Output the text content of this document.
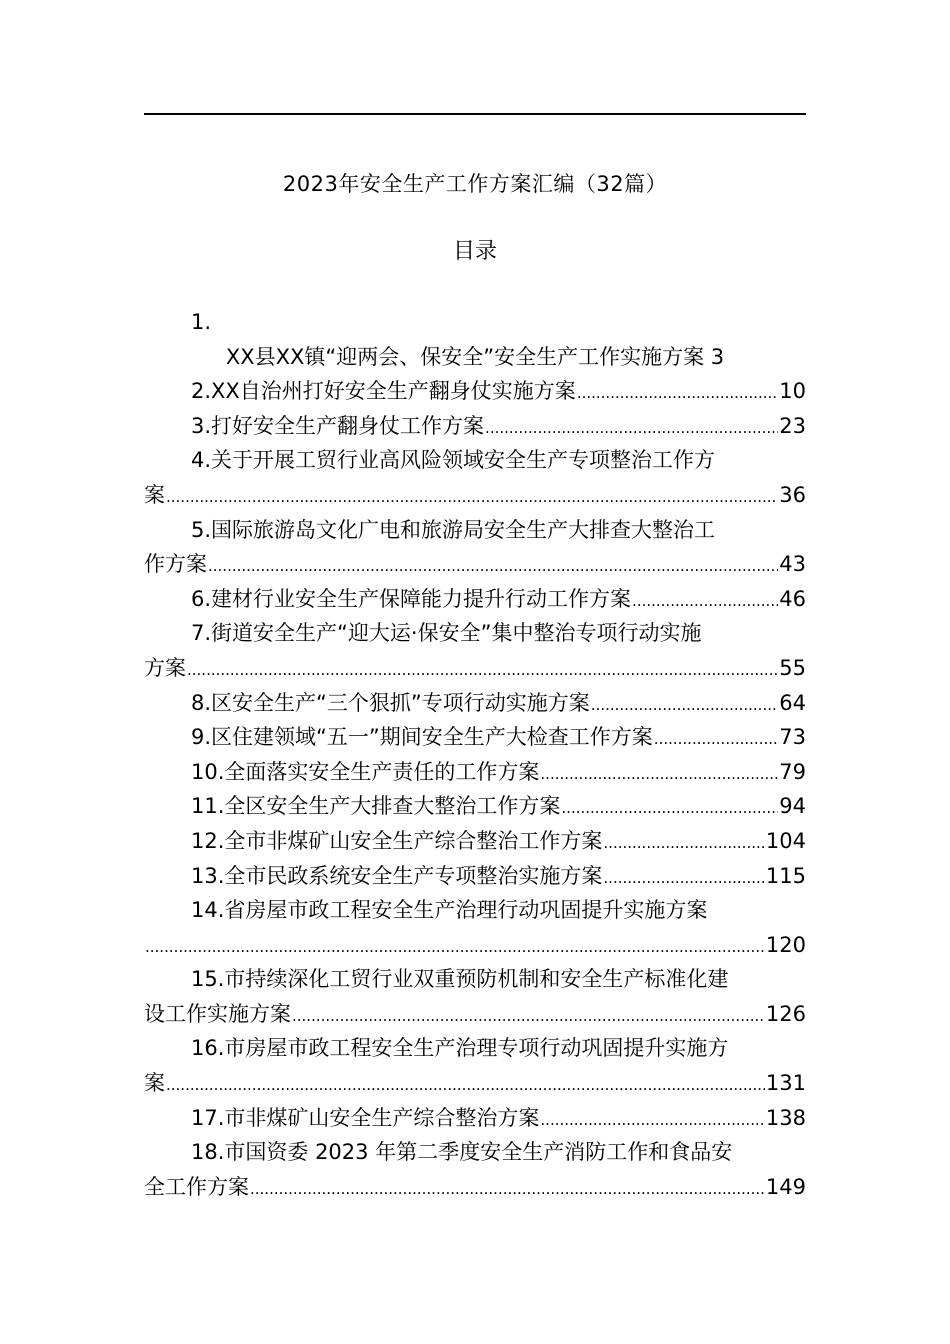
2023年安全生产工作方案汇编（32篇）
目录
1.
XX县XX镇“迎两会、保安全”安全生产工作实施方案 3
2.XX自治州打好安全生产翻身仗实施方案 .....	10
3.打好安全生产翻身仗工作方案 .....	23
4.关于开展工贸行业高风险领域安全生产专项整治工作方
案 .....	36
5.国际旅游岛文化广电和旅游局安全生产大排查大整治工
作方案 .....	43
6.建材行业安全生产保障能力提升行动工作方案 .....	46
7.街道安全生产“迎大运·保安全”集中整治专项行动实施
方案 .....	55
8.区安全生产“三个狠抓”专项行动实施方案 .....	64
9.区住建领域“五一”期间安全生产大检查工作方案 .....	73
10.全面落实安全生产责任的工作方案 .....	79
11.全区安全生产大排查大整治工作方案 .....	94
12.全市非煤矿山安全生产综合整治工作方案 .....	104
13.全市民政系统安全生产专项整治实施方案 .....	115
14.省房屋市政工程安全生产治理行动巩固提升实施方案
.....
120
15.市持续深化工贸行业双重预防机制和安全生产标准化建
设工作实施方案 .....	126
16.市房屋市政工程安全生产治理专项行动巩固提升实施方
案 .....	131
17.市非煤矿山安全生产综合整治方案 .....	138
18.市国资委 2023 年第二季度安全生产消防工作和食品安
全工作方案 .....	149
